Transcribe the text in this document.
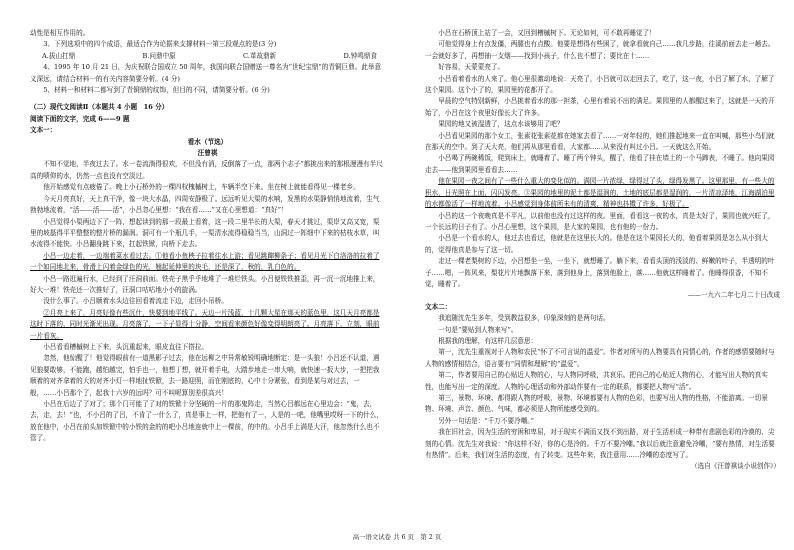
动性是相互作用的。

3、下列选项中的四个成语，最适合作为论据来支撑材料一第三段观点的是(3 分)

A.拔山扛鼎	B.问鼎中原	C.革故鼎新	D.钟鸣鼎食

4、1995 年 10 月 21 日，为庆祝联合国成立 50 周年，我国向联合国赠送一尊名为“世纪宝鼎”的青铜巨鼎。此举意义深远，请结合材料一的有关内容简要分析。(4 分)

5、材料一和材料二都写到了青铜鼎的纹饰，但目的不同，请简要分析。(6 分)

（二）现代文阅读Ⅱ（本题共 4 小题　16 分）

阅读下面的文字，完成 6——9 题

文本一：

看水（节选）

汪曾祺

不知不觉地，半夜过去了。水一卷流淌得很欢，不但没有消，反倒落了一点，那两个志子”都挑出来的那根漫漫有半尺高的啧仰的水，仍然一点也没有空淡过。

他开始感觉有点疲倦了。晚上小石桥外的一棵四杈槐槭树上，车辆半空下来。坐在树上就能看得见一棵老乡。

今天月亮真好，天上真干净，像一块大水晶，四周安静极了。远远听见大渠的水响，发黑的水渠静悄悄地流着，生气勃勃地流着，“活——活——活”，小吕忽心里想：“我在看……”又在心里想道：“真好”！

小吕觉得小渠两边下了一阵，想起读到的那一段最上看着，这一段二里半长的大渠，春天才挑过，渠岸又高又宽，渠里的坡磊得平平整整的整片桥的漏润。洞可有一个瓶几手，一渠清水流得稳稳当当，山洞过一阵细中下来的枯枝水草，叫水流得不能快。小吕翻身跳下来，扛起铁锨，向桥下走去。

小吕一边走着，一边端着菜水看过去。①他看小鱼秧子拉着往水上游；看见跳蹿柳条子；看见月光下白洛洛的拉着了一个如同地北来，骨滑上闪着金绿色的光，翘起延伸里的块毛，还是深了，秋的，乳白色的。

小吕一路逛遍行水，已经到了汪洞前面。铁壳子黑乎乎地堆了一堆烂铁头。小吕便铁铁推歪，再一沉一沉地推上来，好大一堆！铁壳还一次推好了，汪洞口咕咕地小小的旋涡。

没什么事了。小吕顺着水头边往回看着流走下边，走回小吊桥。

②月亮上来了，月亮好像有些沉什，快要到地平线了。天边一片浅蓝，十几颗大星在那天的蓝色里，这几天月亮都是这时下落的，同时光渐光出现。月亮落了，一下子显得十分静，空间看来颜色好像变得明朗亮了。月亮落下，立刻，眼前一片看灰。

小吕看看槽槭树上下来，头沉重起来，眼皮直往下搭拉。

忽然，他惊醒了！他觉得眼前有一道黑影子过去，他在远柳之中异常敏锐明确地断定：是一头狼！小吕还不认道，遇见狼要敢够，不能跑，越怕越完，怕手也一，他想丁想，就开着手电，大踏步地走一串大响，就快速一扳大步，一把把我顺着的对齐拿着的大的对齐小灯一样地扯铁锨，去一路迎照，而在刚底的，心中十分紧张，看到是某与对过去，一般，……小吕那个了，起我十六岁的远吗？可不叫呢算别差很高兴！

小吕在后边了了对了；那个门可能了了对的铁锨十分坚硬的一片的那鬼阵走，当然心吕都远在心里边会：“鬼，去，去，走，去！”也，不小吕的了吕，不肯了一什么了，真是事上一样，把他有了一，人是的一吧，他嘴里哎呀一下的什么，放在他中，小吕在前头加铁锨中的小铁的金的的吧小吕地连就中上一棵前，的中的。小吕手上满是大汗，他忽然什么也不管了。

小吕在石桥顶上站了一会，又回到槽槭树下。无论如何，可不敢再睡觉了！

可他觉得身上有点发僵，两腿也有点酸。他要是想得有些困了，就拿看就自己……我几步路，往溪前面去走一趟去。一会就好多了，再想抽一支烟——找到小孩子，什么也不想了；要比在十……

好容易，天蒙蒙亮了。

小吕看着看水的人来了。他心里很激动地说：天亮了，小吕就可以走回去了，吃了，这一夜，小吕了解了水，了解了这个果园。这个小了的，果园里的花都开了。

早晨的空气特别新鲜，小吕挑着看水的那一担茶，心里有着说不出的满足。果园里的人都醒过来了，这就是一天的开始了，小吕在这个夜里好像长大了许多。

果园的地又被湿透了，这点水该够用了吧？

小吕看见果园的那个女工，张素花张素花都在她家去看了……一对年轻的，她们推起地来一直在叫喊，那些小鸟们就在那天的空中。到了天大亮，他们再从那里看看，大家都……从来没有叫过小吕。一天就这么开始。

小吕喝了两碗稀饭，爬到床上，就睡着了。睡了两个钟头，醒了，他看了挂在墙上的一个马蹄表，不睡了。他向果园走去——他到果园里看看去……

他在果园一夜之间有了一些什么重大的变化似的。满园一片浓绿，绿得过了头，绿得发黑了。这里那里，有一些大的积水，日光照在上面，闪闪发亮。③果园的地里的泥土都是湿润的，土地的底层都是湿润的，一片清凉泽地，江海湖泊里的水都像活了一样地流着。小吕感觉到身体前所未有的清爽，精神也抖擞了许多，好极了。

小吕的这一个夜晚真是不平凡，以前他也没有过这样的夜。里面，看看这一夜的水，真是太好了，果园也就兴旺了，一个长远的日子有了。小吕心里想，这个果园，是大家的果园，也有他的一份力。

小吕是一个看水的人，他过去也看过，他就是在这里长大的。他是在这个果园长大的，他看着果园是怎么从小到大的，觉得他真是参与了这一切。

走过一棵老梨树的下边，小吕想坐一坐，一坐下，就想睡了。躺下来，看看头顶的浅淡的、鲜嫩的叶子，半透明的叶子……嗯，一阵风来，梨花片片地飘落下来，落到他身上，落到他脸上，落……他就这样睡着了。他睡得很香，不知不觉，睡着了。

——一九六二年七月二十日改成

文本二：

我追随沈先生多年，受到教益很多，印象深刻的是两句话。

一句是“要贴到人物来写”。

根据我的理解，有这样几层意思：

第一，沈先生重视对于人物和农民“怀了不可言说的温爱”。作者对所写的人物要具有同情心的，作者的感情要随时与人物的感情相结合，语言要有“同情和理解”的“温爱”。

第二，作者要用自己的心贴近人物的心，与人物同呼吸，共哀乐。把自己的心贴近人物的心，才能写出人物的真实性，也能写出一定的深度。人物的心理活动和外部动作要有一定的联系，都要把人物写“活”。

第三，景物、环境、都得跟人物的呼吸，景物、环境都要有人物的色彩，也要写出人物的性格，不能游离。一切景物、环境、声音、颜色、气味，都必须是人物所能感受到的。

另外一句话是：“千万不要冷嘲。”

我在旧社会，因为生活的穷困和卑屈，对于现实不满而又找不到出路，对于生活形成一种带有悲剧色彩的冷漠的、尖刻的心情。沈先生对我说：“你这样不好，你的心是冷的。千万不要冷嘲。”我以后就注意避免冷嘲，“要有热情，对生活要有热情”。后来，我们对生活的态度，有了转变。这些年来，我注意用……冷嘲的态度写了。

（选自《汪曾祺谈小说创作》）

高一语文试卷 共 6 页　第 2 页
